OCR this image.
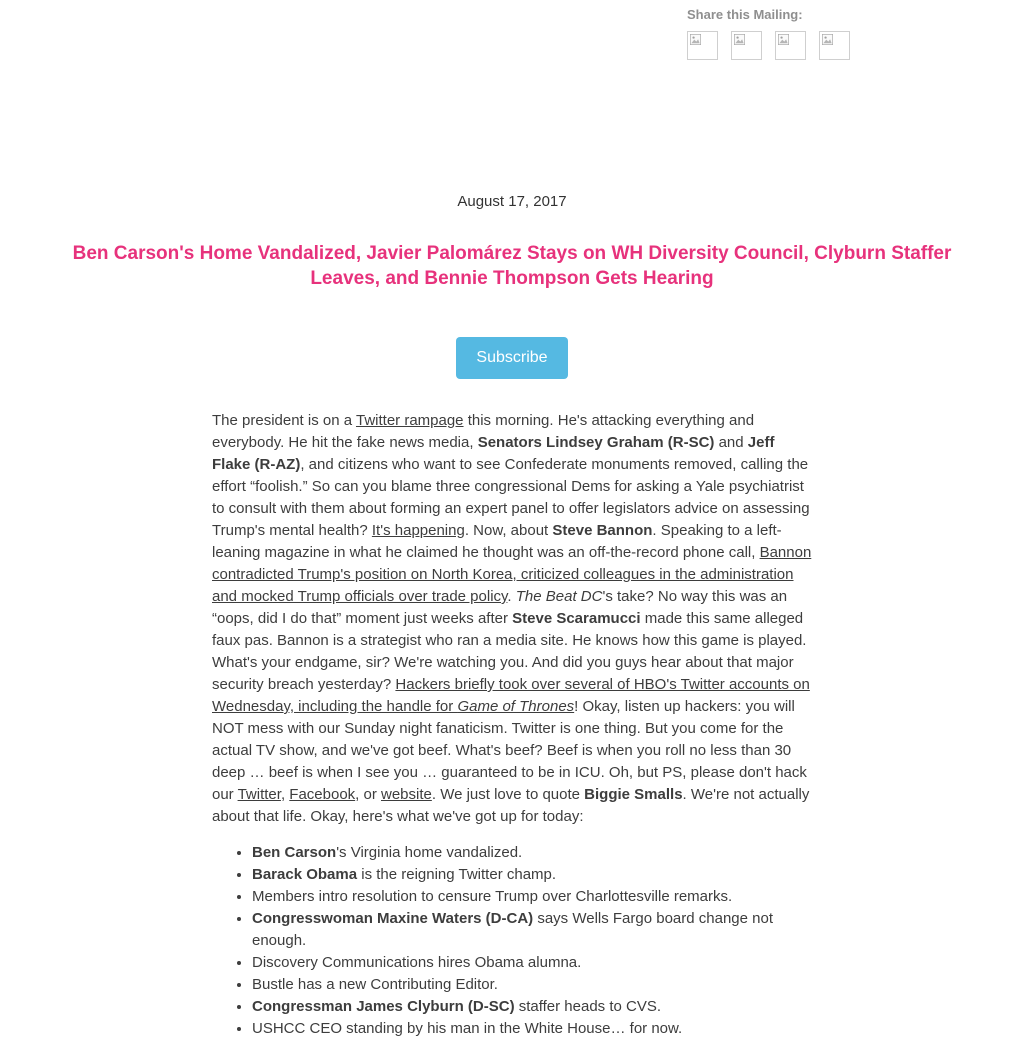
Share this Mailing:
August 17, 2017
Ben Carson's Home Vandalized, Javier Palomárez Stays on WH Diversity Council, Clyburn Staffer Leaves, and Bennie Thompson Gets Hearing
Subscribe

The president is on a Twitter rampage this morning. He's attacking everything and everybody. He hit the fake news media, Senators Lindsey Graham (R-SC) and Jeff Flake (R-AZ), and citizens who want to see Confederate monuments removed, calling the effort “foolish.” So can you blame three congressional Dems for asking a Yale psychiatrist to consult with them about forming an expert panel to offer legislators advice on assessing Trump's mental health? It's happening. Now, about Steve Bannon. Speaking to a left-leaning magazine in what he claimed he thought was an off-the-record phone call, Bannon contradicted Trump's position on North Korea, criticized colleagues in the administration and mocked Trump officials over trade policy. The Beat DC's take? No way this was an “oops, did I do that” moment just weeks after Steve Scaramucci made this same alleged faux pas. Bannon is a strategist who ran a media site. He knows how this game is played. What's your endgame, sir? We're watching you. And did you guys hear about that major security breach yesterday? Hackers briefly took over several of HBO's Twitter accounts on Wednesday, including the handle for Game of Thrones! Okay, listen up hackers: you will NOT mess with our Sunday night fanaticism. Twitter is one thing. But you come for the actual TV show, and we've got beef. What's beef? Beef is when you roll no less than 30 deep … beef is when I see you … guaranteed to be in ICU. Oh, but PS, please don't hack our Twitter, Facebook, or website. We just love to quote Biggie Smalls. We're not actually about that life. Okay, here's what we've got up for today:

• Ben Carson's Virginia home vandalized.
• Barack Obama is the reigning Twitter champ.
• Members intro resolution to censure Trump over Charlottesville remarks.
• Congresswoman Maxine Waters (D-CA) says Wells Fargo board change not enough.
• Discovery Communications hires Obama alumna.
• Bustle has a new Contributing Editor.
• Congressman James Clyburn (D-SC) staffer heads to CVS.
• USHCC CEO standing by his man in the White House… for now.
